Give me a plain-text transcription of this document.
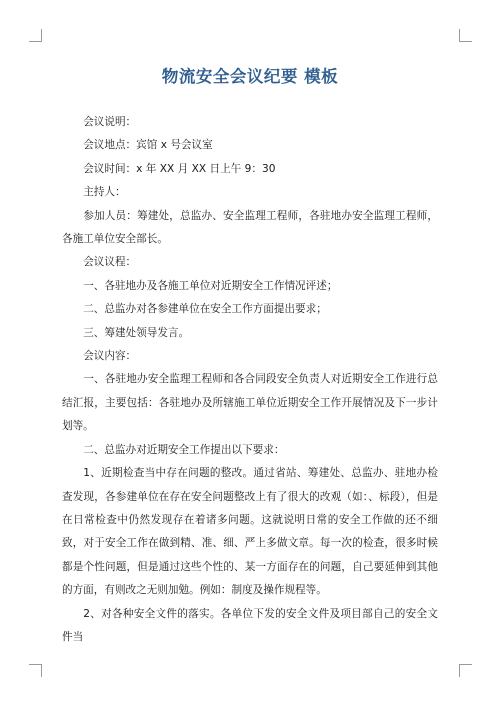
物流安全会议纪要 模板

会议说明：

会议地点：宾馆 x 号会议室

会议时间：x 年 XX 月 XX 日上午 9：30

主持人：

参加人员：筹建处，总监办、安全监理工程师，各驻地办安全监理工程师，各施工单位安全部长。

会议议程：

一、各驻地办及各施工单位对近期安全工作情况评述；

二、总监办对各参建单位在安全工作方面提出要求；

三、筹建处领导发言。

会议内容：

一、各驻地办安全监理工程师和各合同段安全负责人对近期安全工作进行总结汇报，主要包括：各驻地办及所辖施工单位近期安全工作开展情况及下一步计划等。

二、总监办对近期安全工作提出以下要求：

1、近期检查当中存在问题的整改。通过省站、筹建处、总监办、驻地办检查发现，各参建单位在存在安全问题整改上有了很大的改观（如：、标段），但是在日常检查中仍然发现存在着诸多问题。这就说明日常的安全工作做的还不细致，对于安全工作在做到精、准、细、严上多做文章。每一次的检查，很多时候都是个性问题，但是通过这些个性的、某一方面存在的问题，自己要延伸到其他的方面，有则改之无则加勉。例如：制度及操作规程等。

2、对各种安全文件的落实。各单位下发的安全文件及项目部自己的安全文件当
